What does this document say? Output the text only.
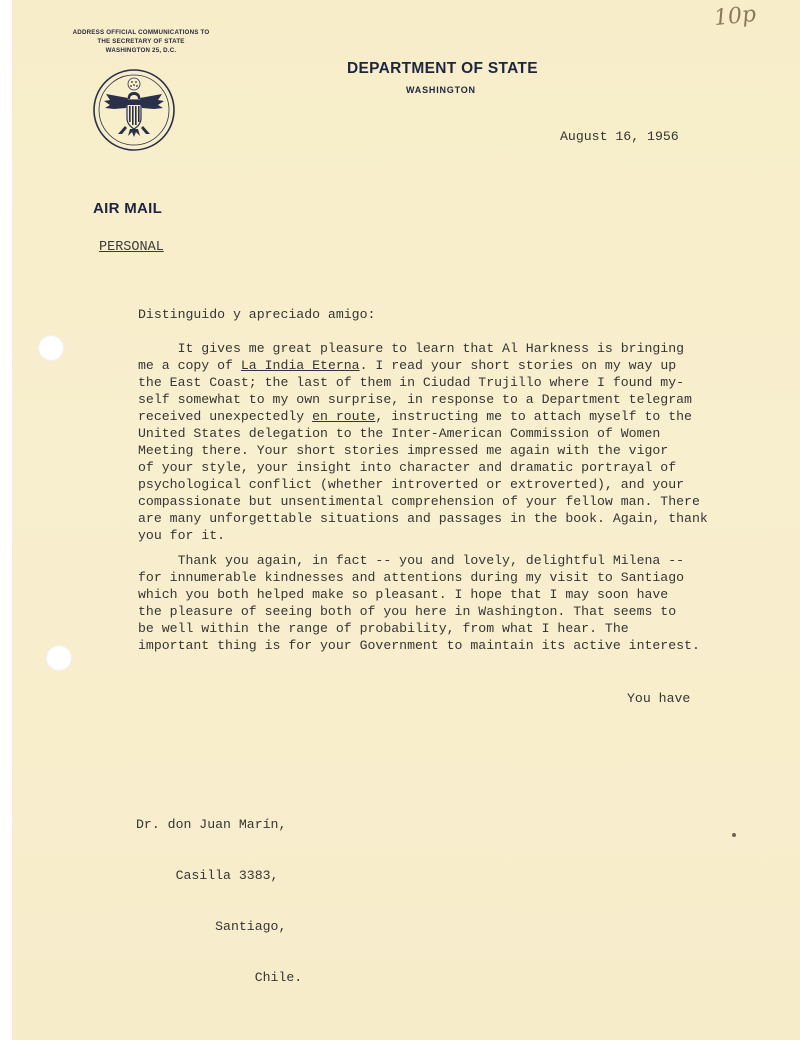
ADDRESS OFFICIAL COMMUNICATIONS TO
THE SECRETARY OF STATE
WASHINGTON 25, D.C.
DEPARTMENT OF STATE
WASHINGTON
10p
August 16, 1956
AIR MAIL
PERSONAL
Distinguido y apreciado amigo:
It gives me great pleasure to learn that Al Harkness is bringing
me a copy of La India Eterna. I read your short stories on my way up
the East Coast; the last of them in Ciudad Trujillo where I found my-
self somewhat to my own surprise, in response to a Department telegram
received unexpectedly en route, instructing me to attach myself to the
United States delegation to the Inter-American Commission of Women
Meeting there. Your short stories impressed me again with the vigor
of your style, your insight into character and dramatic portrayal of
psychological conflict (whether introverted or extroverted), and your
compassionate but unsentimental comprehension of your fellow man. There
are many unforgettable situations and passages in the book. Again, thank
you for it.
Thank you again, in fact -- you and lovely, delightful Milena --
for innumerable kindnesses and attentions during my visit to Santiago
which you both helped make so pleasant. I hope that I may soon have
the pleasure of seeing both of you here in Washington. That seems to
be well within the range of probability, from what I hear. The
important thing is for your Government to maintain its active interest.
You have

Dr. don Juan Marín,

Casilla 3383,

Santiago,

Chile.
